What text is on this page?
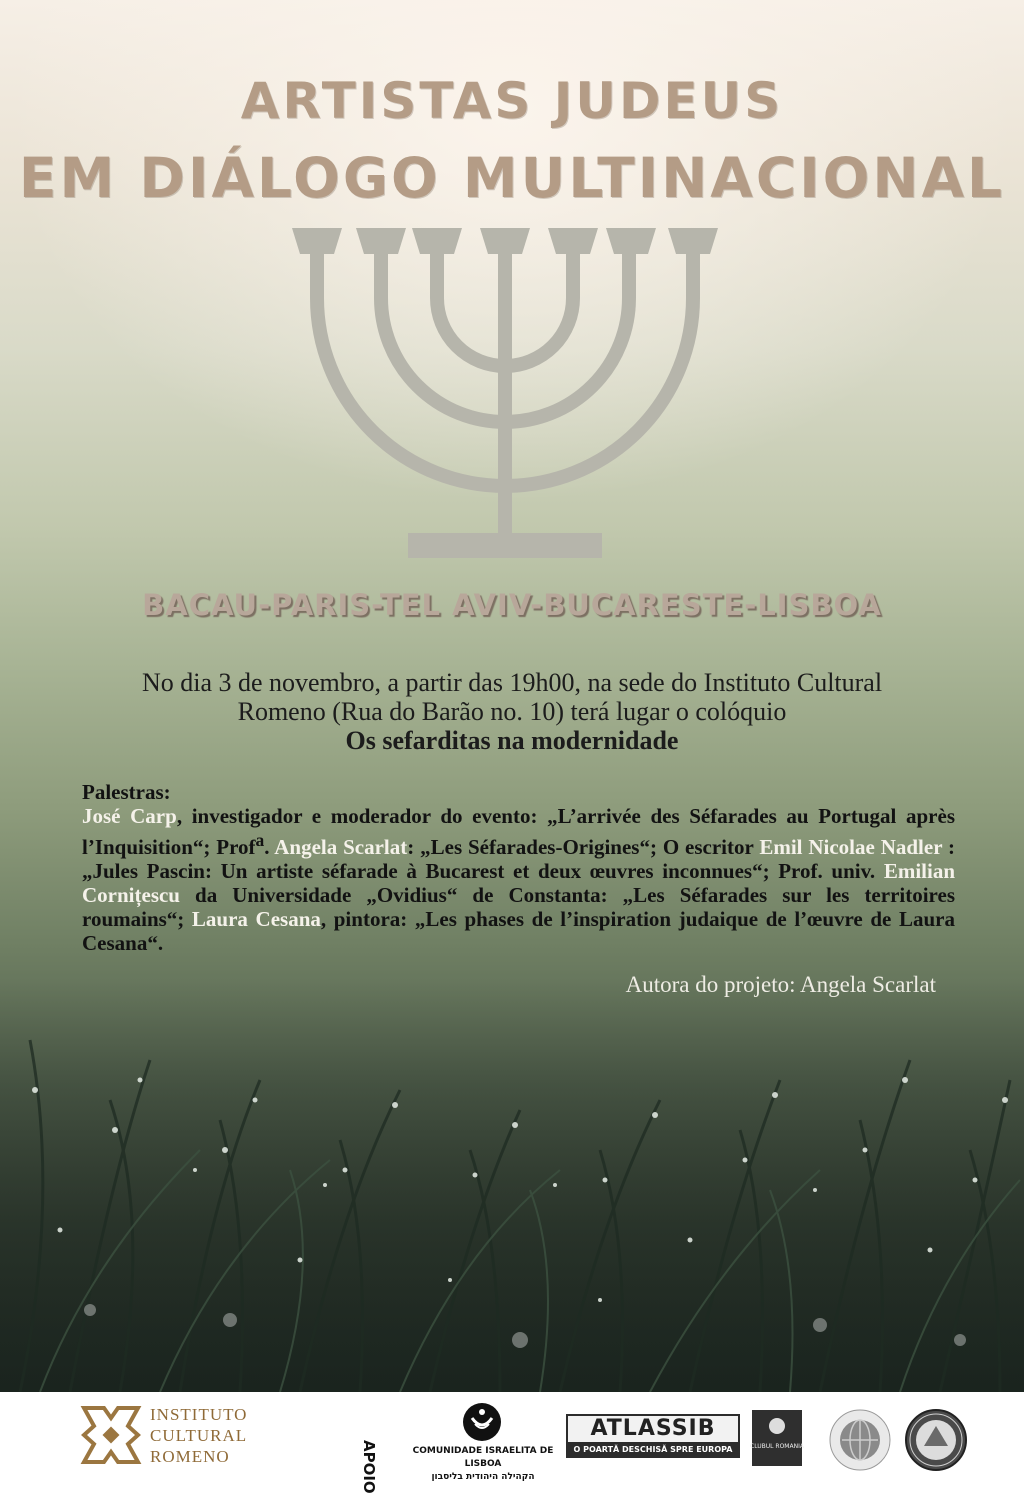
ARTISTAS JUDEUS
EM DIÁLOGO MULTINACIONAL
BACAU-PARIS-TEL AVIV-BUCARESTE-LISBOA
No dia 3 de novembro, a partir das 19h00, na sede do Instituto Cultural
Romeno (Rua do Barão no. 10) terá lugar o colóquio
Os sefarditas na modernidade
Palestras:
José Carp, investigador e moderador do evento: „L’arrivée des Séfarades au Portugal après l’Inquisition“; Prof$^a$. Angela Scarlat: „Les Séfarades-Origines“; O escritor Emil Nicolae Nadler : „Jules Pascin: Un artiste séfarade à Bucarest et deux œuvres inconnues“; Prof. univ. Emilian Cornițescu da Universidade „Ovidius“ de Constanta: „Les Séfarades sur les territoires roumains“; Laura Cesana, pintora: „Les phases de l’inspiration judaique de l’œuvre de Laura Cesana“.
Autora do projeto: Angela Scarlat
INSTITUTO
CULTURAL
ROMENO	APOIO	COMUNIDADE ISRAELITA DE LISBOA
הקהילה היהודית בליסבון
ATLASSIB
O POARTĂ DESCHISĂ SPRE EUROPA	CLUBUL ROMANIA
